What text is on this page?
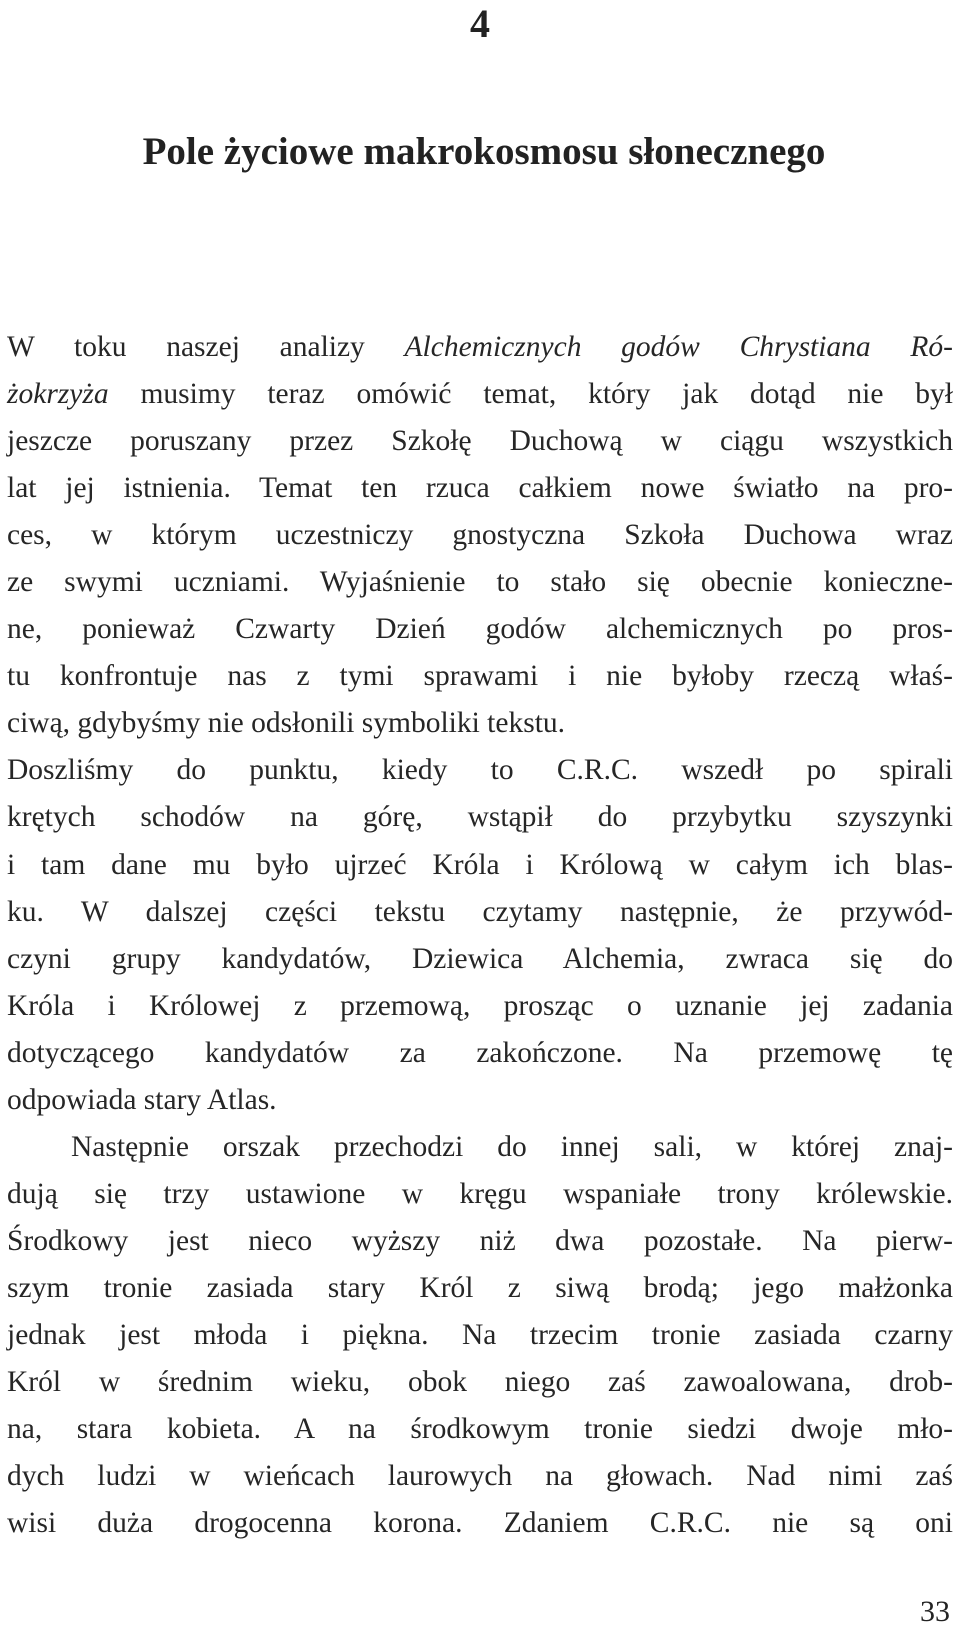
4
Pole życiowe makrokosmosu słonecznego

W toku naszej analizy Alchemicznych godów Chrystiana Ró-
żokrzyża musimy teraz omówić temat, który jak dotąd nie był
jeszcze poruszany przez Szkołę Duchową w ciągu wszystkich
lat jej istnienia. Temat ten rzuca całkiem nowe światło na pro-
ces, w którym uczestniczy gnostyczna Szkoła Duchowa wraz
ze swymi uczniami. Wyjaśnienie to stało się obecnie konieczne-
ne, ponieważ Czwarty Dzień godów alchemicznych po pros-
tu konfrontuje nas z tymi sprawami i nie byłoby rzeczą właś-
ciwą, gdybyśmy nie odsłonili symboliki tekstu.

Doszliśmy do punktu, kiedy to C.R.C. wszedł po spirali
krętych schodów na górę, wstąpił do przybytku szyszynki
i tam dane mu było ujrzeć Króla i Królową w całym ich blas-
ku. W dalszej części tekstu czytamy następnie, że przywód-
czyni grupy kandydatów, Dziewica Alchemia, zwraca się do
Króla i Królowej z przemową, prosząc o uznanie jej zadania
dotyczącego kandydatów za zakończone. Na przemowę tę
odpowiada stary Atlas.

Następnie orszak przechodzi do innej sali, w której znaj-
dują się trzy ustawione w kręgu wspaniałe trony królewskie.
Środkowy jest nieco wyższy niż dwa pozostałe. Na pierw-
szym tronie zasiada stary Król z siwą brodą; jego małżonka
jednak jest młoda i piękna. Na trzecim tronie zasiada czarny
Król w średnim wieku, obok niego zaś zawoalowana, drob-
na, stara kobieta. A na środkowym tronie siedzi dwoje mło-
dych ludzi w wieńcach laurowych na głowach. Nad nimi zaś
wisi duża drogocenna korona. Zdaniem C.R.C. nie są oni

33
